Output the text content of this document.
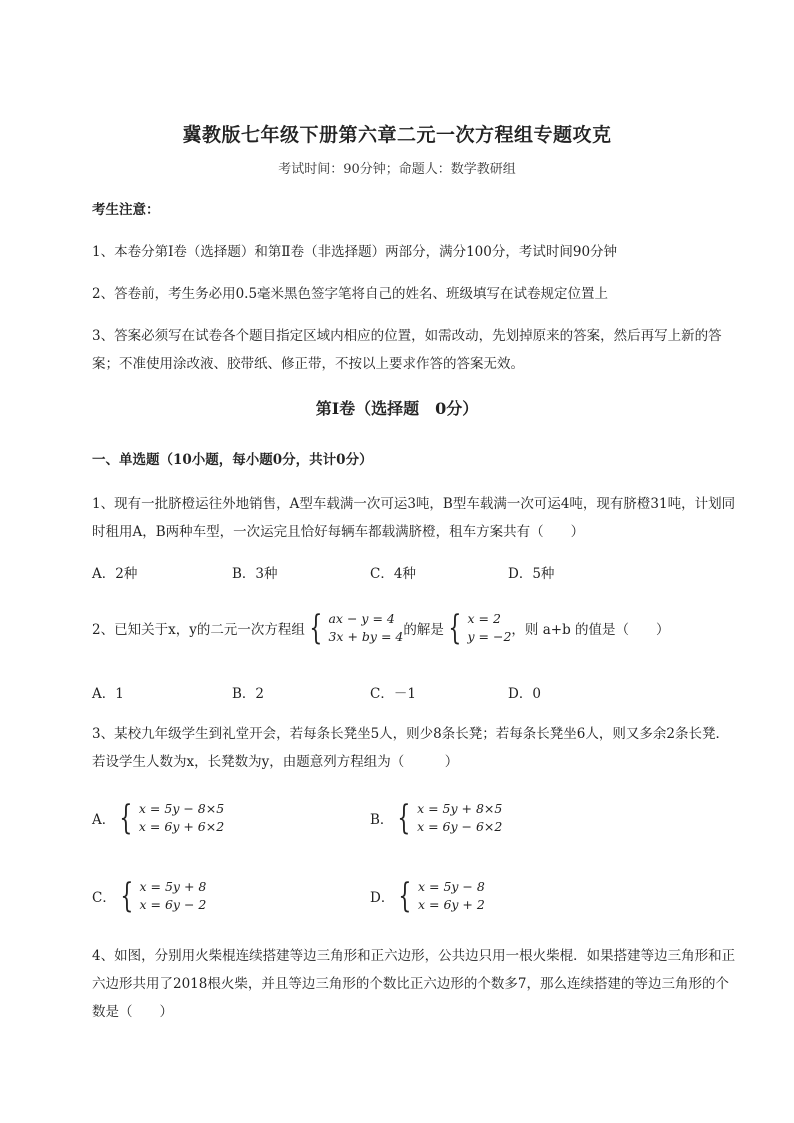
冀教版七年级下册第六章二元一次方程组专题攻克
考试时间：90分钟；命题人：数学教研组
考生注意：
1、本卷分第I卷（选择题）和第Ⅱ卷（非选择题）两部分，满分100分，考试时间90分钟
2、答卷前，考生务必用0.5毫米黑色签字笔将自己的姓名、班级填写在试卷规定位置上
3、答案必须写在试卷各个题目指定区域内相应的位置，如需改动，先划掉原来的答案，然后再写上新的答案；不准使用涂改液、胶带纸、修正带，不按以上要求作答的答案无效。
第I卷（选择题　0分）
一、单选题（10小题，每小题0分，共计0分）
1、现有一批脐橙运往外地销售，A型车载满一次可运3吨，B型车载满一次可运4吨，现有脐橙31吨，计划同时租用A，B两种车型，一次运完且恰好每辆车都载满脐橙，租车方案共有（　　）
A．2种	B．3种	C．4种	D．5种
2、已知关于x，y的二元一次方程组 { ax − y = 4
3x + by = 4 的解是 { x = 2
y = −2 ，则 a+b 的值是（　　）
A．1	B．2	C．－1	D．0
3、某校九年级学生到礼堂开会，若每条长凳坐5人，则少8条长凳；若每条长凳坐6人，则又多余2条长凳．若设学生人数为x，长凳数为y，由题意列方程组为（　　　）
A． { x = 5y − 8×5
x = 6y + 6×2	B． { x = 5y + 8×5
x = 6y − 6×2
C． { x = 5y + 8
x = 6y − 2	D． { x = 5y − 8
x = 6y + 2
4、如图，分别用火柴棍连续搭建等边三角形和正六边形，公共边只用一根火柴棍．如果搭建等边三角形和正六边形共用了2018根火柴，并且等边三角形的个数比正六边形的个数多7，那么连续搭建的等边三角形的个数是（　　）
